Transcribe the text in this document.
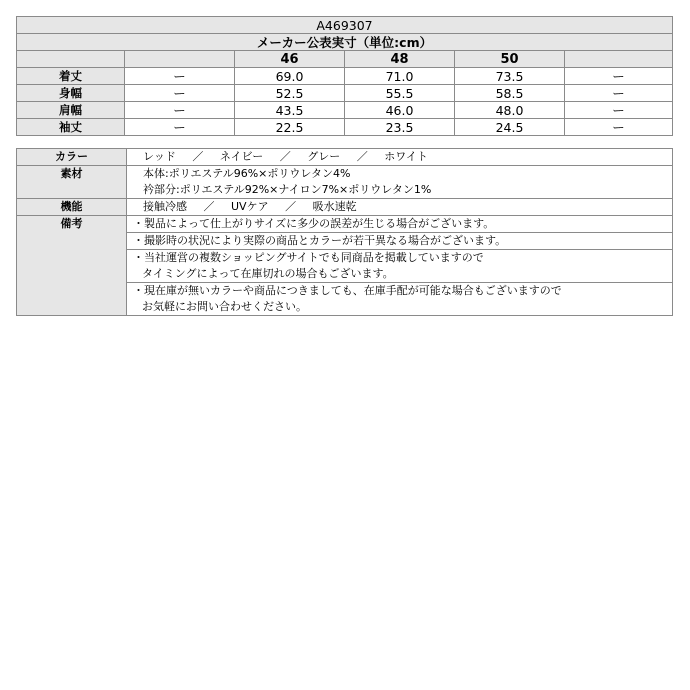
A469307					
メーカー公表実寸（単位:cm）					
		46	48	50	
着丈	ー	69.0	71.0	73.5	ー
身幅	ー	52.5	55.5	58.5	ー
肩幅	ー	43.5	46.0	48.0	ー
袖丈	ー	22.5	23.5	24.5	ー
カラー	レッド ／ ネイビー ／ グレー ／ ホワイト
素材	本体:ポリエステル96%×ポリウレタン4%
衿部分:ポリエステル92%×ナイロン7%×ポリウレタン1%

機能	接触冷感 ／ UVケア ／ 吸水速乾
備考	・製品によって仕上がりサイズに多少の誤差が生じる場合がございます。

	・撮影時の状況により実際の商品とカラーが若干異なる場合がございます。

	・当社運営の複数ショッピングサイトでも同商品を掲載していますので
タイミングによって在庫切れの場合もございます。

	・現在庫が無いカラーや商品につきましても、在庫手配が可能な場合もございますので
お気軽にお問い合わせください。
